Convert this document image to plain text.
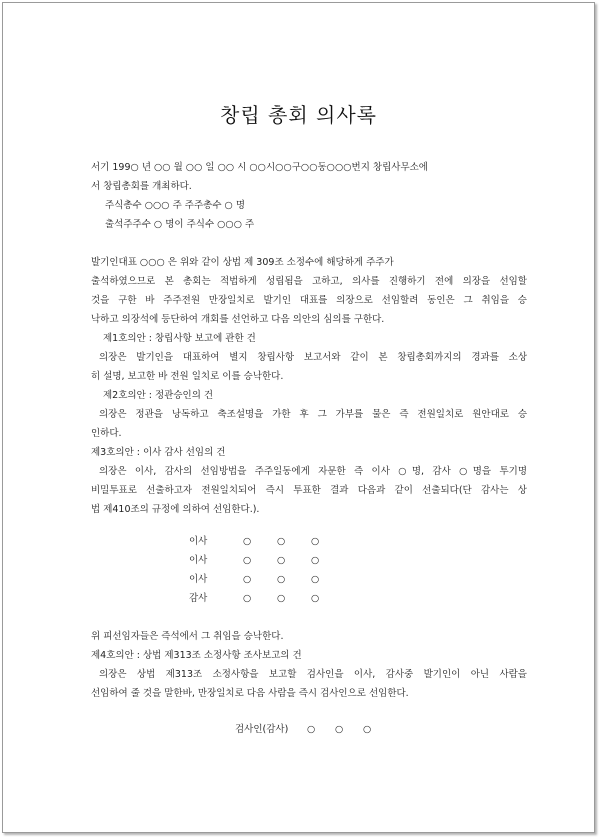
창립 총회 의사록
서기 199○ 년 ○○ 월 ○○ 일 ○○ 시 ○○시○○구○○동○○○번지 창립사무소에
서 창립총회를 개최하다.
주식총수 ○○○ 주 주주총수 ○ 명
출석주주수 ○ 명이 주식수 ○○○ 주
발기인대표 ○○○ 은 위와 같이 상법 제 309조 소정수에 해당하게 주주가
출석하였으므로 본 총회는 적법하게 성립됨을 고하고, 의사를 진행하기 전에 의장을 선임할
것을 구한 바 주주전원 만장일치로 발기인 대표를 의장으로 선임할려 동인은 그 취임을 승
낙하고 의장석에 등단하여 개회를 선언하고 다음 의안의 심의를 구한다.
제1호의안 : 창립사항 보고에 관한 건
의장은 발기인을 대표하여 별지 창립사항 보고서와 같이 본 창립총회까지의 경과를 소상
히 설명, 보고한 바 전원 일치로 이를 승낙한다.
제2호의안 : 정관승인의 건
의장은 정관을 낭독하고 축조설명을 가한 후 그 가부를 물은 즉 전원일치로 원안대로 승
인하다.
제3호의안 : 이사 감사 선임의 건
의장은 이사, 감사의 선임방법을 주주일동에게 자문한 즉 이사 ○명, 감사 ○명을 투기명
비밀투표로 선출하고자 전원일치되어 즉시 투표한 결과 다음과 같이 선출되다(단 감사는 상
법 제410조의 규정에 의하여 선임한다.).
이사	○	○	○
이사	○	○	○
이사	○	○	○
감사	○	○	○
위 피선임자들은 즉석에서 그 취임을 승낙한다.
제4호의안 : 상법 제313조 소정사항 조사보고의 건
의장은 상법 제313조 소정사항을 보고할 검사인을 이사, 감사중 발기인이 아닌 사람을
선임하여 줄 것을 말한바, 만장일치로 다음 사람을 즉시 검사인으로 선임한다.
검사인(감사)	○	○	○
